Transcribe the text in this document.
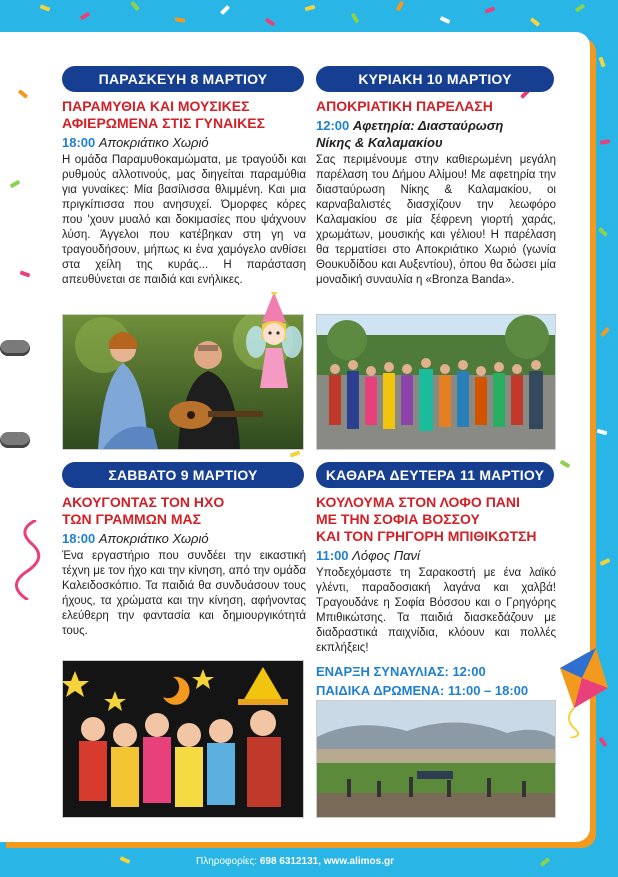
ΠΑΡΑΣΚΕΥΗ 8 ΜΑΡΤΙΟΥ

ΠΑΡΑΜΥΘΙΑ ΚΑΙ ΜΟΥΣΙΚΕΣ

ΑΦΙΕΡΩΜΕΝΑ ΣΤΙΣ ΓΥΝΑΙΚΕΣ

18:00 Αποκριάτικο Χωριό

Η ομάδα Παραμυθοκαμώματα, με τραγούδι και ρυθμούς αλλοτινούς, μας διηγείται παραμύθια για γυναίκες: Μία βασίλισσα θλιμμένη. Και μια πριγκίπισσα που ανησυχεί. Όμορφες κόρες που 'χουν μυαλό και δοκιμασίες που ψάχνουν λύση. Άγγελοι που κατέβηκαν στη γη να τραγουδήσουν, μήπως κι ένα χαμόγελο ανθίσει στα χείλη της κυράς... Η παράσταση απευθύνεται σε παιδιά και ενήλικες.

ΚΥΡΙΑΚΗ 10 ΜΑΡΤΙΟΥ

ΑΠΟΚΡΙΑΤΙΚΗ ΠΑΡΕΛΑΣΗ

12:00 Αφετηρία: Διασταύρωση

Νίκης & Καλαμακίου

Σας περιμένουμε στην καθιερωμένη μεγάλη παρέλαση του Δήμου Αλίμου! Με αφετηρία την διασταύρωση Νίκης & Καλαμακίου, οι καρναβαλιστές διασχίζουν την λεωφόρο Καλαμακίου σε μία ξέφρενη γιορτή χαράς, χρωμάτων, μουσικής και γέλιου! Η παρέλαση θα τερματίσει στο Αποκριάτικο Χωριό (γωνία Θουκυδίδου και Αυξεντίου), όπου θα δώσει μία μοναδική συναυλία η «Bronza Banda».

ΣΑΒΒΑΤΟ 9 ΜΑΡΤΙΟΥ

ΑΚΟΥΓΟΝΤΑΣ ΤΟΝ ΗΧΟ

ΤΩΝ ΓΡΑΜΜΩΝ ΜΑΣ

18:00 Αποκριάτικο Χωριό

Ένα εργαστήριο που συνδέει την εικαστική τέχνη με τον ήχο και την κίνηση, από την ομάδα Καλειδοσκόπιο. Τα παιδιά θα συνδυάσουν τους ήχους, τα χρώματα και την κίνηση, αφήνοντας ελεύθερη την φαντασία και δημιουργικότητά τους.

ΚΑΘΑΡΑ ΔΕΥΤΕΡΑ 11 ΜΑΡΤΙΟΥ

ΚΟΥΛΟΥΜΑ ΣΤΟΝ ΛΟΦΟ ΠΑΝΙ

ΜΕ ΤΗΝ ΣΟΦΙΑ ΒΟΣΣΟΥ

ΚΑΙ ΤΟΝ ΓΡΗΓΟΡΗ ΜΠΙΘΙΚΩΤΣΗ

11:00 Λόφος Πανί

Υποδεχόμαστε τη Σαρακοστή με ένα λαϊκό γλέντι, παραδοσιακή λαγάνα και χαλβά! Τραγουδάνε η Σοφία Βόσσου και ο Γρηγόρης Μπιθικώτσης. Τα παιδιά διασκεδάζουν με διαδραστικά παιχνίδια, κλόουν και πολλές εκπλήξεις!

ΕΝΑΡΞΗ ΣΥΝΑΥΛΙΑΣ: 12:00
ΠΑΙΔΙΚΑ ΔΡΩΜΕΝΑ: 11:00 – 18:00
Πληροφορίες: 698 6312131, www.alimos.gr
